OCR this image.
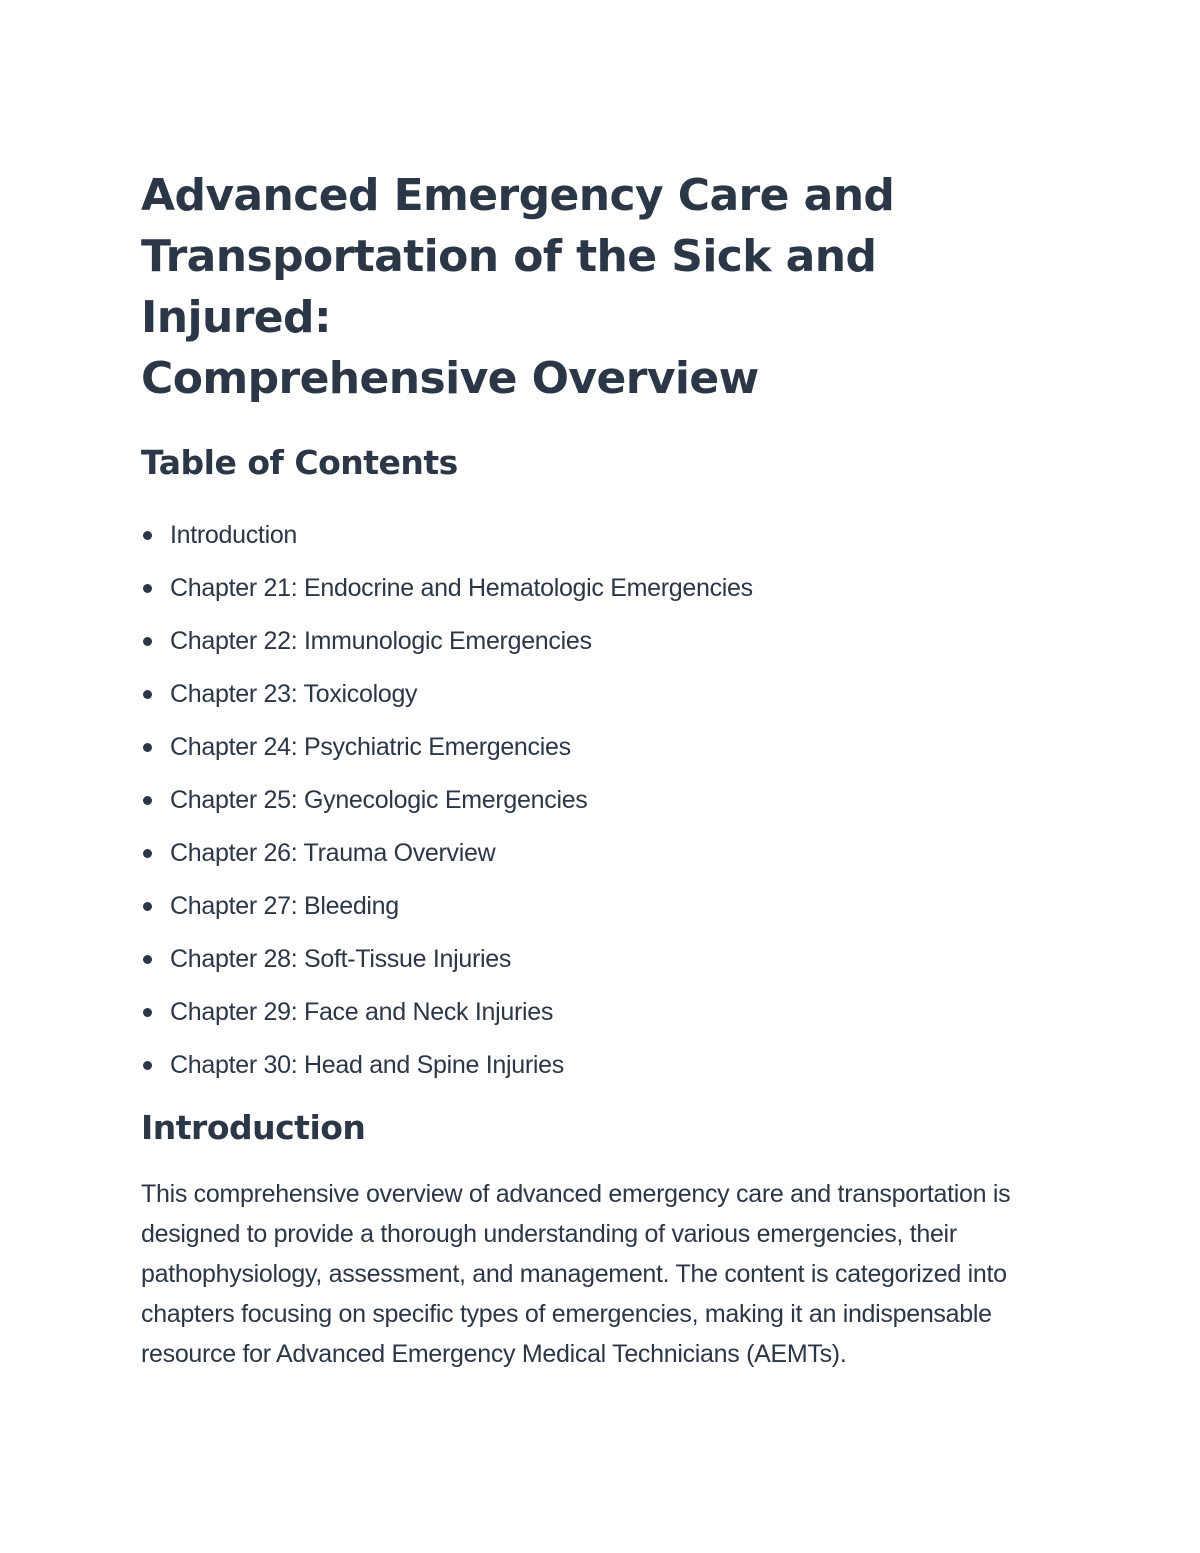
Advanced Emergency Care and
Transportation of the Sick and Injured:
Comprehensive Overview
Table of Contents
Introduction
Chapter 21: Endocrine and Hematologic Emergencies
Chapter 22: Immunologic Emergencies
Chapter 23: Toxicology
Chapter 24: Psychiatric Emergencies
Chapter 25: Gynecologic Emergencies
Chapter 26: Trauma Overview
Chapter 27: Bleeding
Chapter 28: Soft-Tissue Injuries
Chapter 29: Face and Neck Injuries
Chapter 30: Head and Spine Injuries
Introduction

This comprehensive overview of advanced emergency care and transportation is designed to provide a thorough understanding of various emergencies, their pathophysiology, assessment, and management. The content is categorized into chapters focusing on specific types of emergencies, making it an indispensable resource for Advanced Emergency Medical Technicians (AEMTs).
